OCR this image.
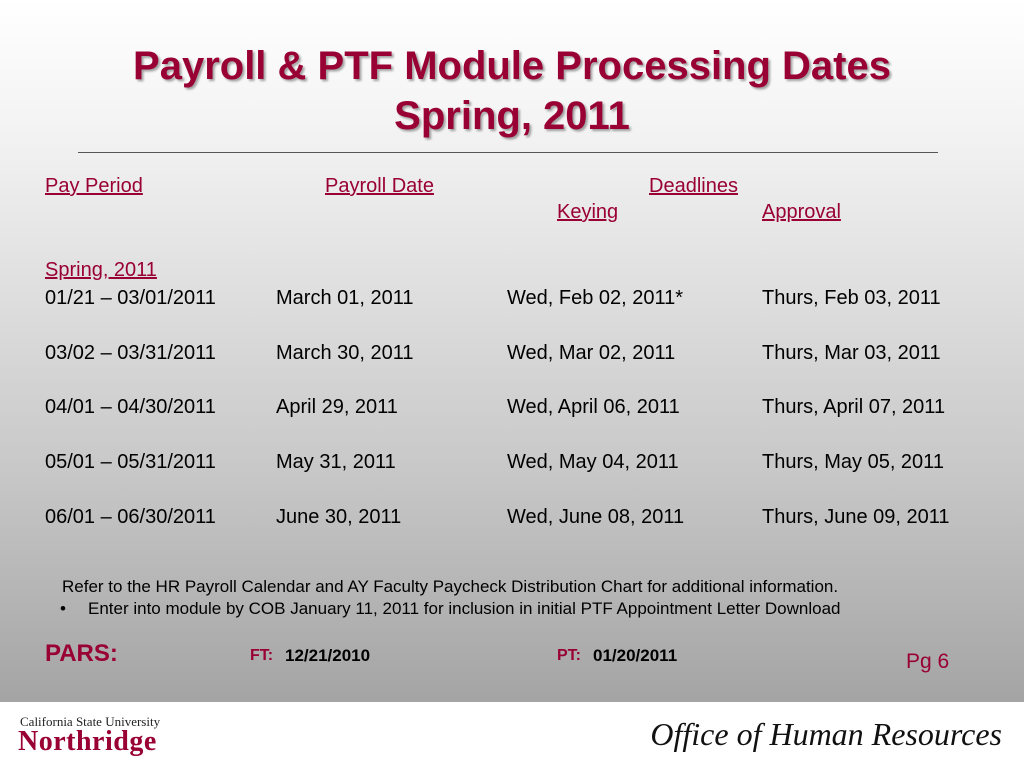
Payroll & PTF Module Processing Dates
Spring, 2011
Pay Period	Payroll Date	Deadlines
Keying	Approval
Spring, 2011
01/21 – 03/01/2011	March 01, 2011	Wed, Feb 02, 2011*	Thurs, Feb 03, 2011
03/02 – 03/31/2011	March 30, 2011	Wed, Mar 02, 2011	Thurs, Mar 03, 2011
04/01 – 04/30/2011	April 29, 2011	Wed, April 06, 2011	Thurs, April 07, 2011
05/01 – 05/31/2011	May 31, 2011	Wed, May 04, 2011	Thurs, May 05, 2011
06/01 – 06/30/2011	June 30, 2011	Wed, June 08, 2011	Thurs, June 09, 2011
Refer to the HR Payroll Calendar and AY Faculty Paycheck Distribution Chart for additional information.
• Enter into module by COB January 11, 2011 for inclusion in initial PTF Appointment Letter Download
PARS:	FT: 12/21/2010	PT: 01/20/2011	Pg 6
California State University
Northridge	Office of Human Resources
